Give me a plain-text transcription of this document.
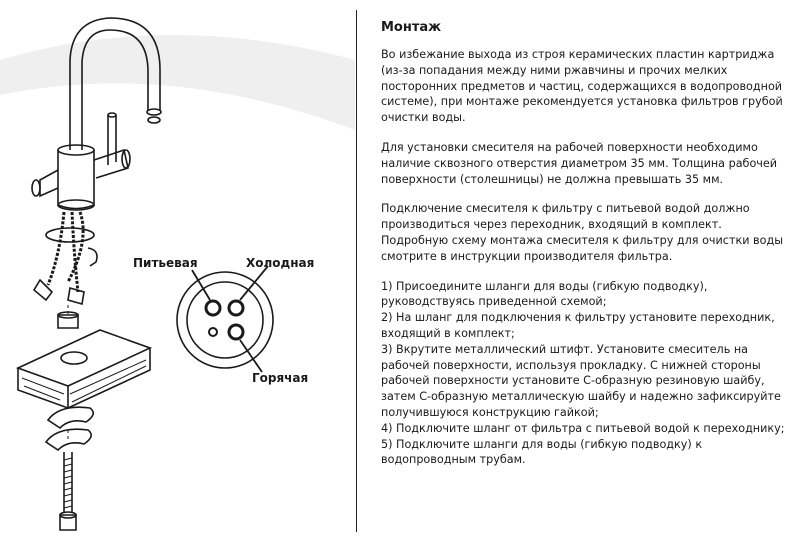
Питьевая	Холодная
Горячая
Монтаж

Во избежание выхода из строя керамических пластин картриджа (из-за попадания между ними ржавчины и прочих мелких посторонних предметов и частиц, содержащихся в водопроводной системе), при монтаже рекомендуется установка фильтров грубой очистки воды.

Для установки смесителя на рабочей поверхности необходимо наличие сквозного отверстия диаметром 35 мм. Толщина рабочей поверхности (столешницы) не должна превышать 35 мм.

Подключение смесителя к фильтру с питьевой водой должно производиться через переходник, входящий в комплект. Подробную схему монтажа смесителя к фильтру для очистки воды смотрите в инструкции производителя фильтра.

1) Присоедините шланги для воды (гибкую подводку), руководствуясь приведенной схемой;
2) На шланг для подключения к фильтру установите переходник, входящий в комплект;
3) Вкрутите металлический штифт. Установите смеситель на рабочей поверхности, используя прокладку. С нижней стороны рабочей поверхности установите С-образную резиновую шайбу, затем С-образную металлическую шайбу и надежно зафиксируйте получившуюся конструкцию гайкой;
4) Подключите шланг от фильтра с питьевой водой к переходнику;
5) Подключите шланги для воды (гибкую подводку) к водопроводным трубам.
